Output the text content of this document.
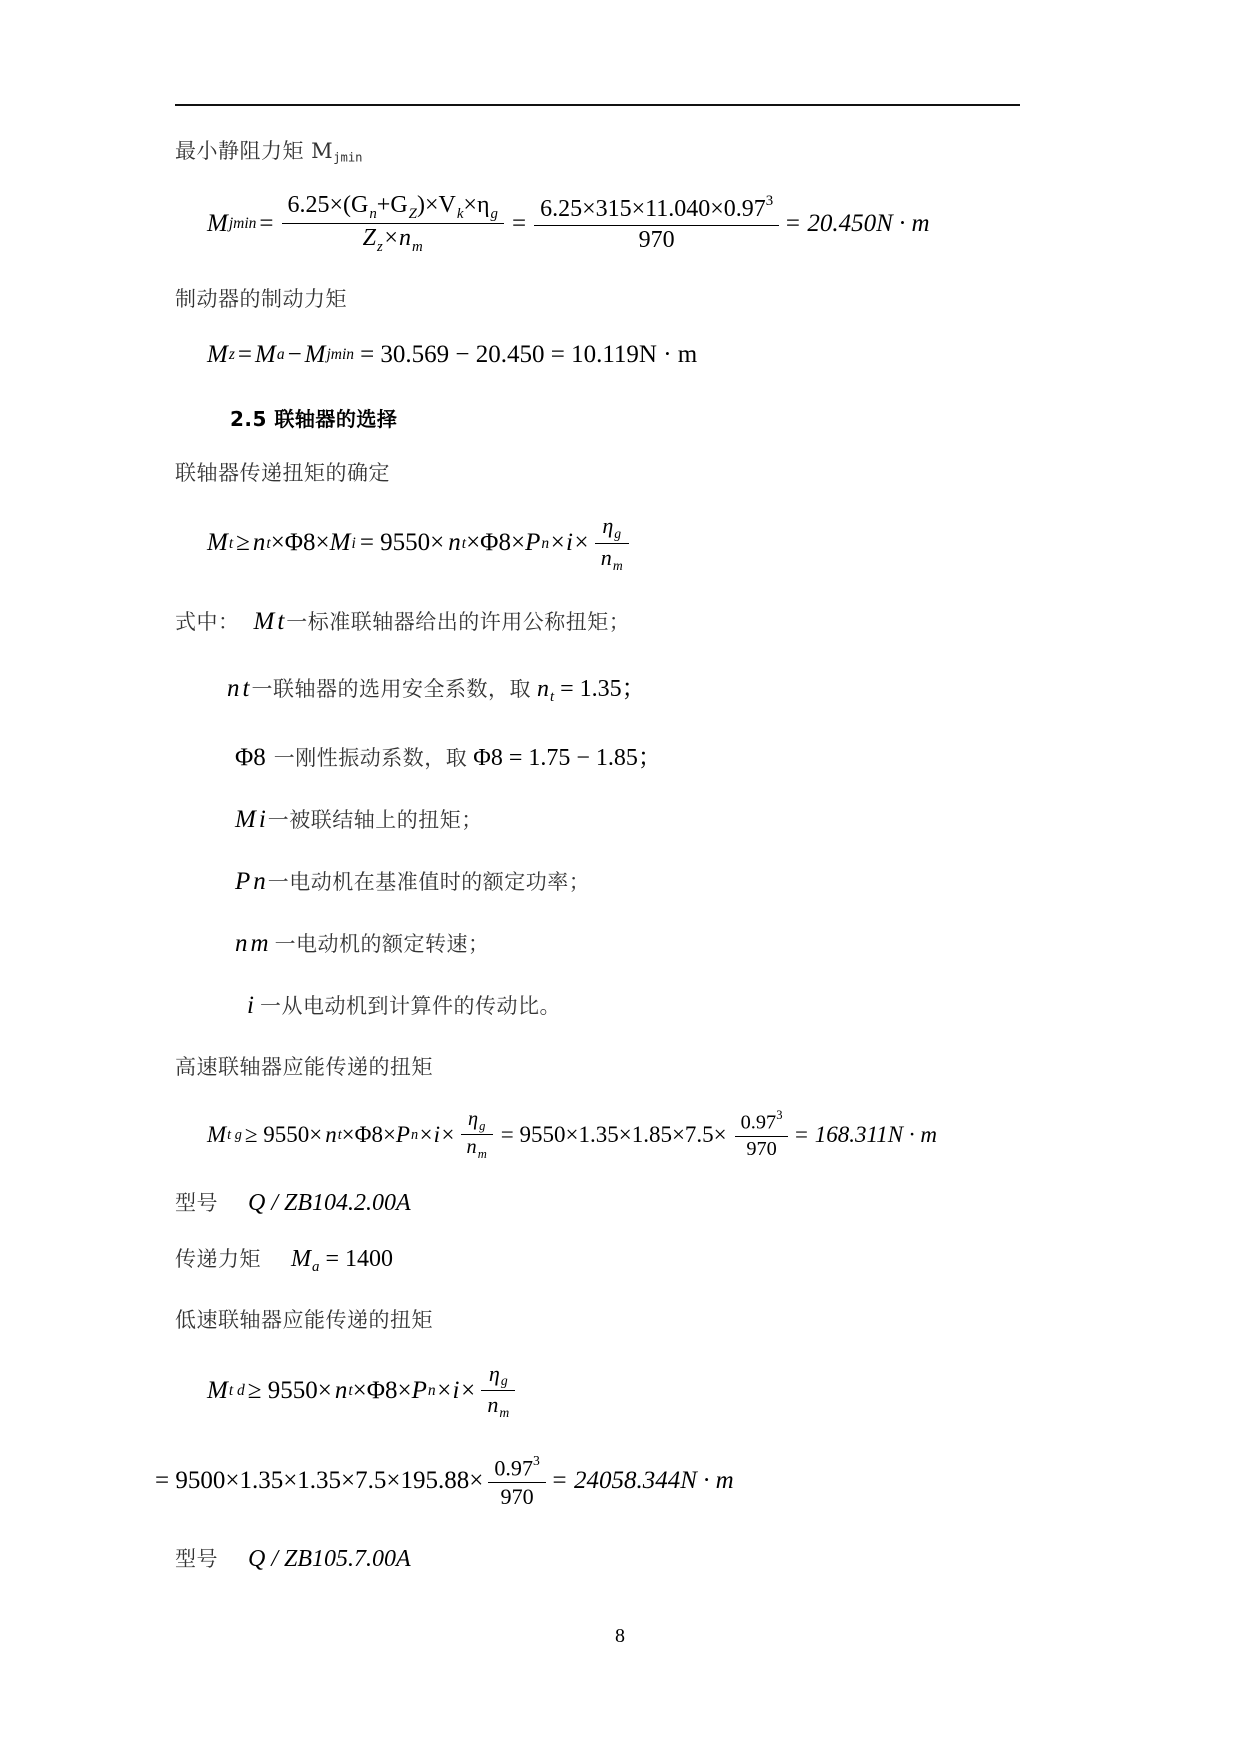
最小静阻力矩 Mjmin

M $jmin = \frac{6.25\times(Gn+GZ)\times Vk\times\eta g}{Zz\times nm} = \frac{6.25\times 315\times 11.040\times 0.973}{970} = 20.450N \cdot m$

制动器的制动力矩

M z = M a − M jmin = 30.569 − 20.450 = 10.119N · m
2.5 联轴器的选择

联轴器传递扭矩的确定

M t ≥ n t ×Φ8× M i = 9550× n t ×Φ8× P $n \times i\times \frac{\eta g}{nm}$
式中： M t 一标准联轴器给出的许用公称扭矩；
n t 一联轴器的选用安全系数，取 nt = 1.35；
Φ8 一刚性振动系数，取 Φ8 = 1.75 − 1.85；
M i 一被联结轴上的扭矩；
P n 一电动机在基准值时的额定功率；
n m 一电动机的额定转速；
i 一从电动机到计算件的传动比。

高速联轴器应能传递的扭矩

M t g ≥ 9550× n t ×Φ8× P $n \times i\times \frac{\eta g}{nm} = 9550\times 1.35\times 1.85\times 7.5\times \frac{0.973}{970} = 168.311N \cdot m$
型号	Q / ZB104.2.00A
传递力矩	Ma = 1400

低速联轴器应能传递的扭矩

M t d ≥ 9550× n t ×Φ8× P $n \times i\times \frac{\eta g}{nm}$
= $9500\times 1.35\times 1.35\times 7.5\times 195.88\times \frac{0.973}{970} = 24058.344N \cdot m$
型号	Q / ZB105.7.00A
8
